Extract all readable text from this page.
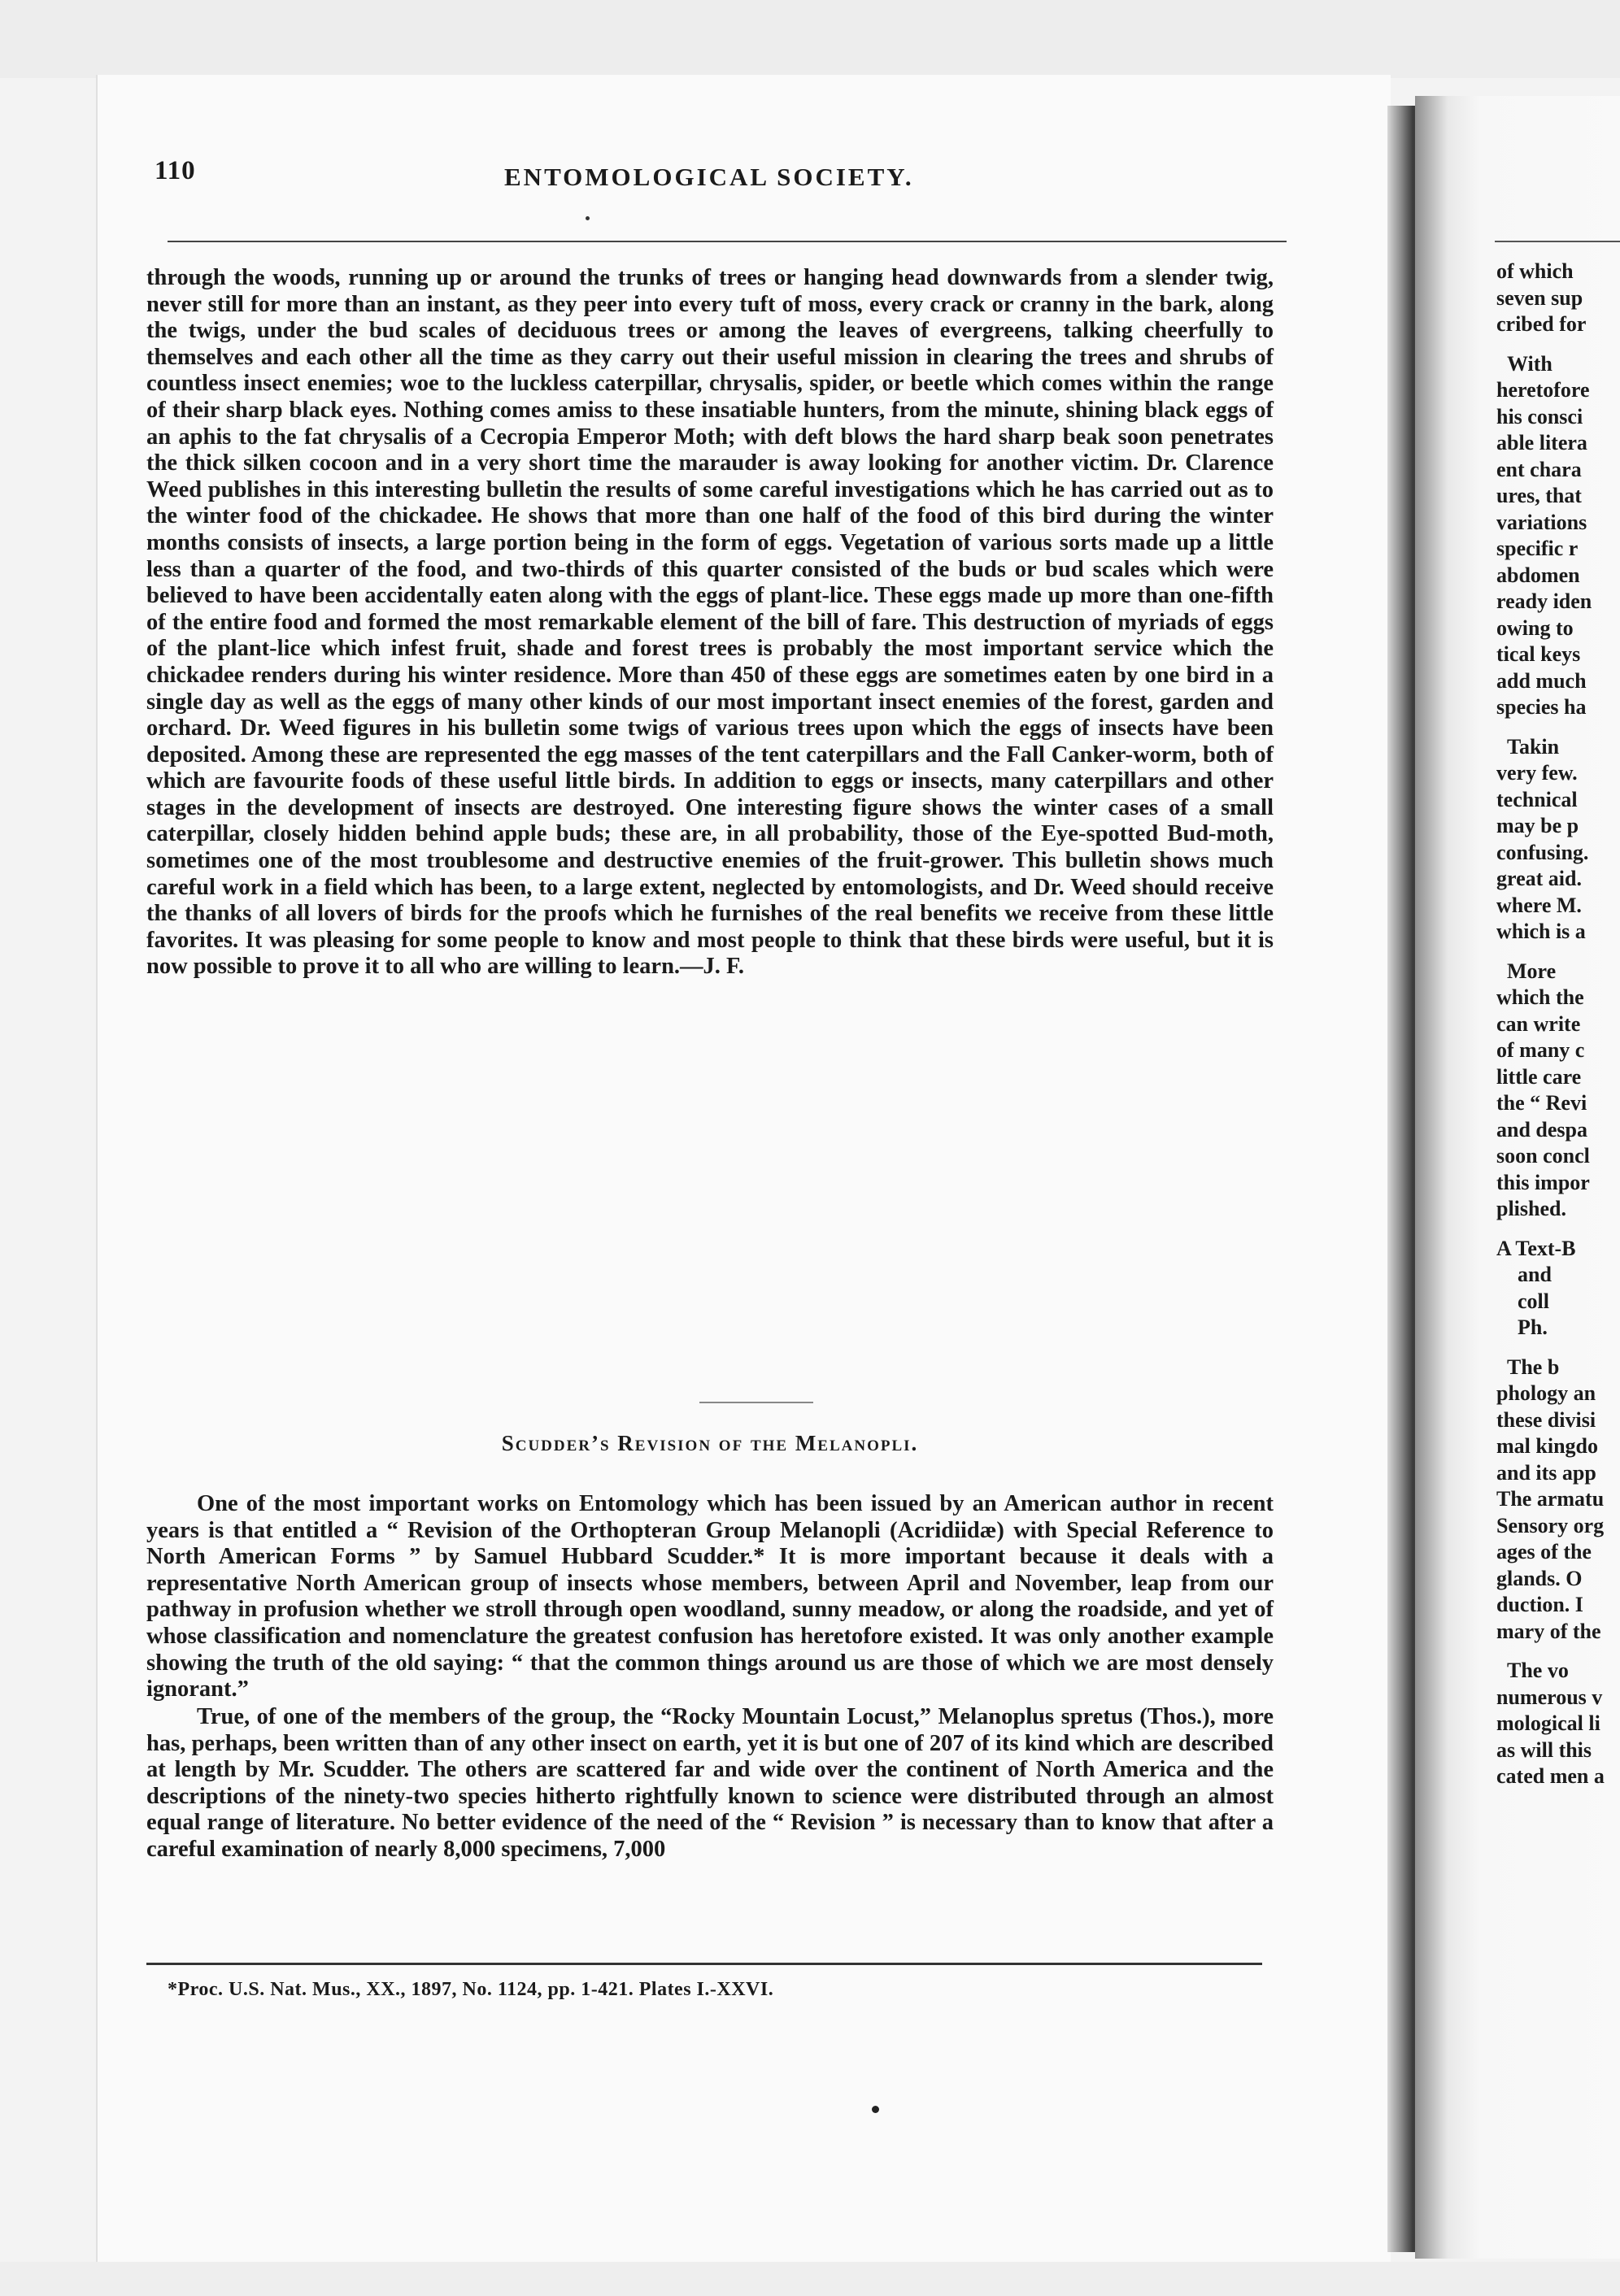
of which
seven sup
cribed for
With
heretofore
his consci
able litera
ent chara
ures, that
variations
specific r
abdomen
ready iden
owing to
tical keys
add much
species ha
Takin
very few.
technical
may be p
confusing.
great aid.
where M.
which is a
More
which the
can write
of many c
little care
the “ Revi
and despa
soon concl
this impor
plished.
A Text-B
and
coll
Ph.
The b
phology an
these divisi
mal kingdo
and its app
The armatu
Sensory org
ages of the
glands. O
duction. I
mary of the
The vo
numerous v
mological li
as will this
cated men a
110	ENTOMOLOGICAL SOCIETY.

through the woods, running up or around the trunks of trees or hanging head downwards from a slender twig, never still for more than an instant, as they peer into every tuft of moss, every crack or cranny in the bark, along the twigs, under the bud scales of deciduous trees or among the leaves of evergreens, talking cheerfully to themselves and each other all the time as they carry out their useful mission in clearing the trees and shrubs of countless insect enemies; woe to the luckless caterpillar, chrysalis, spider, or beetle which comes within the range of their sharp black eyes. Nothing comes amiss to these insatiable hunters, from the minute, shining black eggs of an aphis to the fat chrysalis of a Cecropia Emperor Moth; with deft blows the hard sharp beak soon penetrates the thick silken cocoon and in a very short time the marauder is away looking for another victim. Dr. Clarence Weed publishes in this interesting bulletin the results of some careful investigations which he has carried out as to the winter food of the chickadee. He shows that more than one half of the food of this bird during the winter months consists of insects, a large portion being in the form of eggs. Vegetation of various sorts made up a little less than a quarter of the food, and two-thirds of this quarter consisted of the buds or bud scales which were believed to have been accidentally eaten along with the eggs of plant-lice. These eggs made up more than one-fifth of the entire food and formed the most remarkable element of the bill of fare. This destruction of myriads of eggs of the plant-lice which infest fruit, shade and forest trees is probably the most important service which the chickadee renders during his winter residence. More than 450 of these eggs are sometimes eaten by one bird in a single day as well as the eggs of many other kinds of our most important insect enemies of the forest, garden and orchard. Dr. Weed figures in his bulletin some twigs of various trees upon which the eggs of insects have been deposited. Among these are represented the egg masses of the tent caterpillars and the Fall Canker-worm, both of which are favourite foods of these useful little birds. In addition to eggs or insects, many caterpillars and other stages in the development of insects are destroyed. One interesting figure shows the winter cases of a small caterpillar, closely hidden behind apple buds; these are, in all probability, those of the Eye-spotted Bud-moth, sometimes one of the most troublesome and destructive enemies of the fruit-grower. This bulletin shows much careful work in a field which has been, to a large extent, neglected by entomologists, and Dr. Weed should receive the thanks of all lovers of birds for the proofs which he furnishes of the real benefits we receive from these little favorites. It was pleasing for some people to know and most people to think that these birds were useful, but it is now possible to prove it to all who are willing to learn.—J. F.

Scudder’s Revision of the Melanopli.

One of the most important works on Entomology which has been issued by an American author in recent years is that entitled a “ Revision of the Orthopteran Group Melanopli (Acridiidæ) with Special Reference to North American Forms ” by Samuel Hubbard Scudder.* It is more important because it deals with a representative North American group of insects whose members, between April and November, leap from our pathway in profusion whether we stroll through open woodland, sunny meadow, or along the roadside, and yet of whose classification and nomenclature the greatest confusion has heretofore existed. It was only another example showing the truth of the old saying: “ that the common things around us are those of which we are most densely ignorant.”

True, of one of the members of the group, the “Rocky Mountain Locust,” Melanoplus spretus (Thos.), more has, perhaps, been written than of any other insect on earth, yet it is but one of 207 of its kind which are described at length by Mr. Scudder. The others are scattered far and wide over the continent of North America and the descriptions of the ninety-two species hitherto rightfully known to science were distributed through an almost equal range of literature. No better evidence of the need of the “ Revision ” is necessary than to know that after a careful examination of nearly 8,000 specimens, 7,000

*Proc. U.S. Nat. Mus., XX., 1897, No. 1124, pp. 1-421. Plates I.-XXVI.
